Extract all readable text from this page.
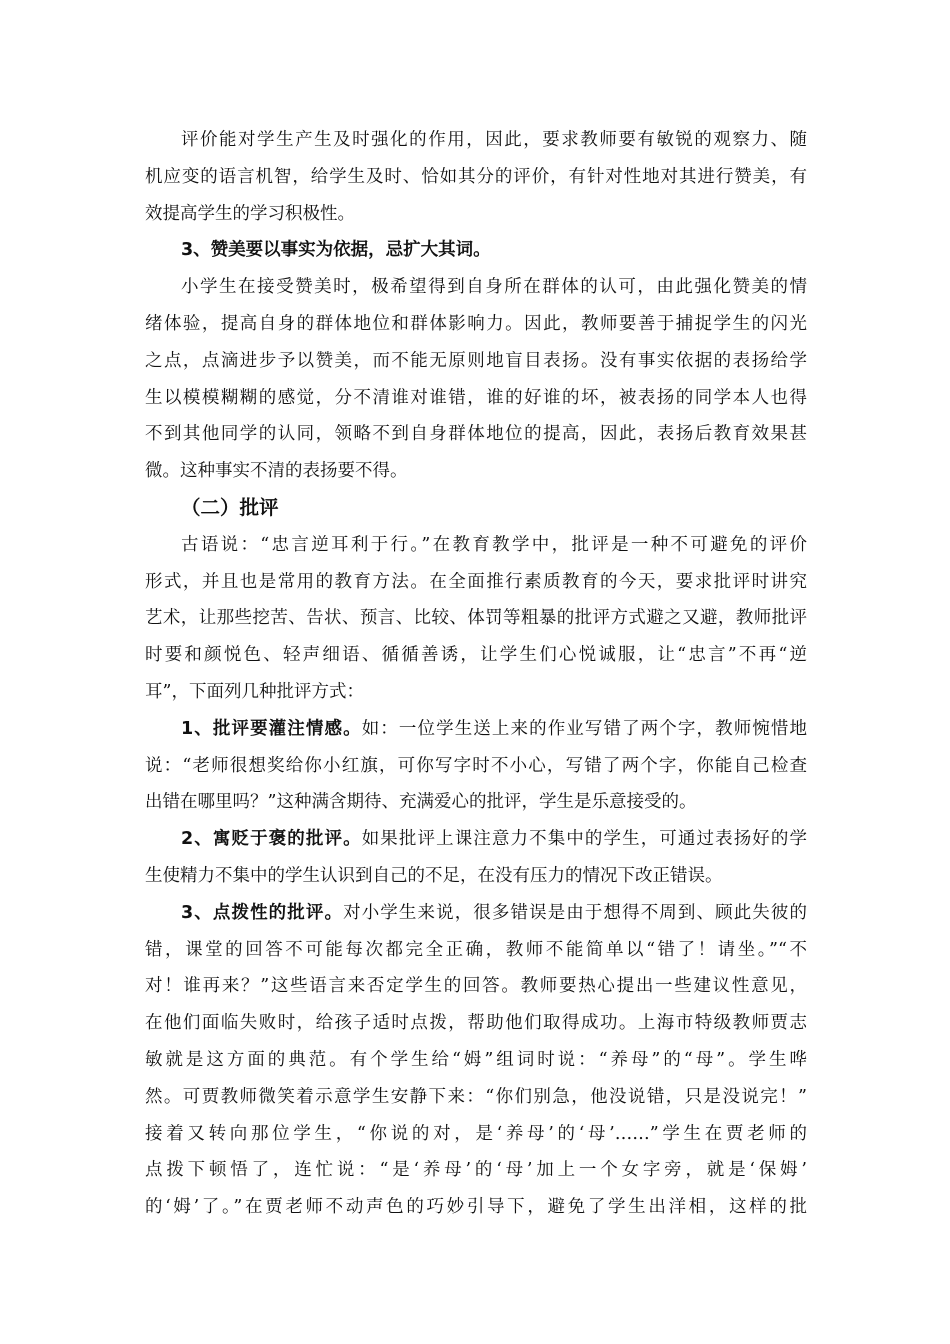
评价能对学生产生及时强化的作用，因此，要求教师要有敏锐的观察力、随
机应变的语言机智，给学生及时、恰如其分的评价，有针对性地对其进行赞美，有
效提高学生的学习积极性。
3、赞美要以事实为依据，忌扩大其词。
小学生在接受赞美时，极希望得到自身所在群体的认可，由此强化赞美的情
绪体验，提高自身的群体地位和群体影响力。因此，教师要善于捕捉学生的闪光
之点，点滴进步予以赞美，而不能无原则地盲目表扬。没有事实依据的表扬给学
生以模模糊糊的感觉，分不清谁对谁错，谁的好谁的坏，被表扬的同学本人也得
不到其他同学的认同，领略不到自身群体地位的提高，因此，表扬后教育效果甚
微。这种事实不清的表扬要不得。
（二）批评
古语说：“忠言逆耳利于行。”在教育教学中，批评是一种不可避免的评价
形式，并且也是常用的教育方法。在全面推行素质教育的今天，要求批评时讲究
艺术，让那些挖苦、告状、预言、比较、体罚等粗暴的批评方式避之又避，教师批评
时要和颜悦色、轻声细语、循循善诱，让学生们心悦诚服，让“忠言”不再“逆
耳”，下面列几种批评方式：
1、批评要灌注情感。如：一位学生送上来的作业写错了两个字，教师惋惜地
说：“老师很想奖给你小红旗，可你写字时不小心，写错了两个字，你能自己检查
出错在哪里吗？”这种满含期待、充满爱心的批评，学生是乐意接受的。
2、寓贬于褒的批评。如果批评上课注意力不集中的学生，可通过表扬好的学
生使精力不集中的学生认识到自己的不足，在没有压力的情况下改正错误。
3、点拨性的批评。对小学生来说，很多错误是由于想得不周到、顾此失彼的
错，课堂的回答不可能每次都完全正确，教师不能简单以“错了！请坐。”“不
对！谁再来？”这些语言来否定学生的回答。教师要热心提出一些建议性意见，
在他们面临失败时，给孩子适时点拨，帮助他们取得成功。上海市特级教师贾志
敏就是这方面的典范。有个学生给“姆”组词时说：“养母”的“母”。学生哗
然。可贾教师微笑着示意学生安静下来：“你们别急，他没说错，只是没说完！”
接着又转向那位学生，“你说的对，是‘养母’的‘母’……”学生在贾老师的
点拨下顿悟了，连忙说：“是‘养母’的‘母’加上一个女字旁，就是‘保姆’
的‘姆’了。”在贾老师不动声色的巧妙引导下，避免了学生出洋相，这样的批
